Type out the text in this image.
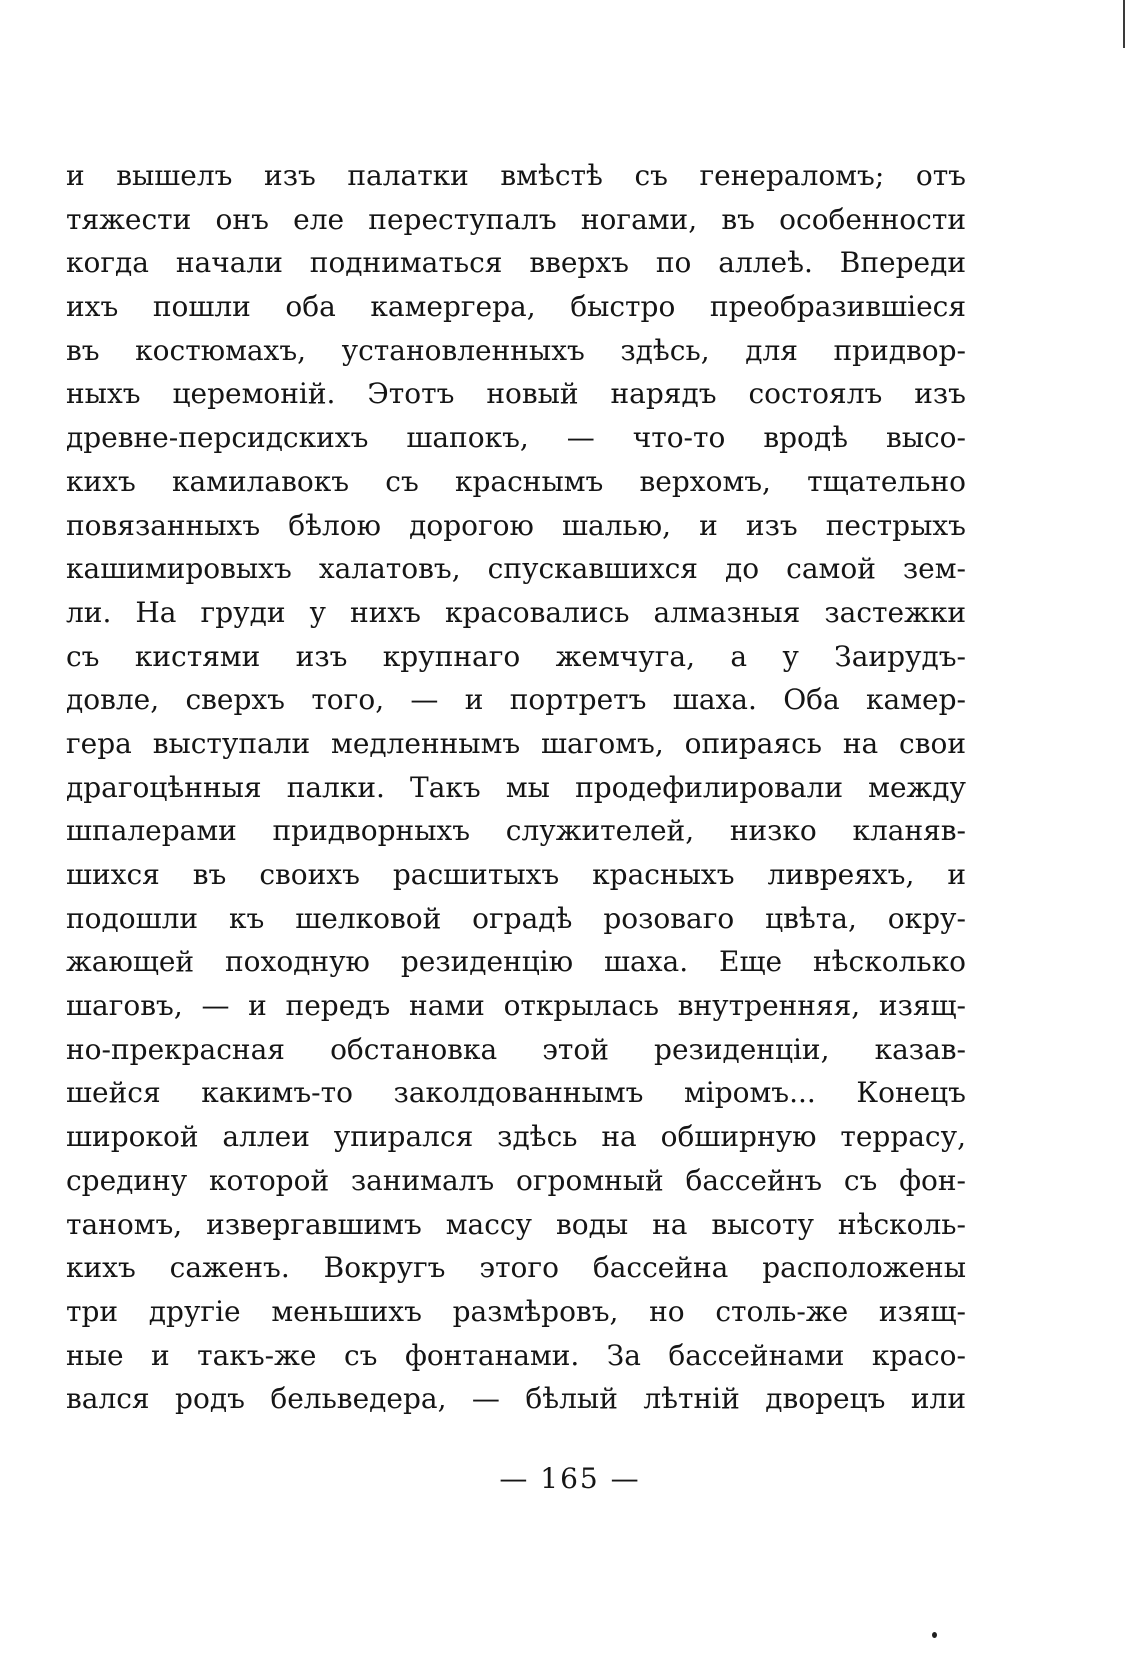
и вышелъ изъ палатки вмѣстѣ съ генераломъ; отъ
тяжести онъ еле переступалъ ногами, въ особенности
когда начали подниматься вверхъ по аллеѣ. Впереди
ихъ пошли оба камергера, быстро преобразившіеся
въ костюмахъ, установленныхъ здѣсь, для придвор-
ныхъ церемоній. Этотъ новый нарядъ состоялъ изъ
древне-персидскихъ шапокъ, — что-то вродѣ высо-
кихъ камилавокъ съ краснымъ верхомъ, тщательно
повязанныхъ бѣлою дорогою шалью, и изъ пестрыхъ
кашимировыхъ халатовъ, спускавшихся до самой зем-
ли. На груди у нихъ красовались алмазныя застежки
съ кистями изъ крупнаго жемчуга, а у Заирудъ-
довле, сверхъ того, — и портретъ шаха. Оба камер-
гера выступали медленнымъ шагомъ, опираясь на свои
драгоцѣнныя палки. Такъ мы продефилировали между
шпалерами придворныхъ служителей, низко кланяв-
шихся въ своихъ расшитыхъ красныхъ ливреяхъ, и
подошли къ шелковой оградѣ розоваго цвѣта, окру-
жающей походную резиденцію шаха. Еще нѣсколько
шаговъ, — и передъ нами открылась внутренняя, изящ-
но-прекрасная обстановка этой резиденціи, казав-
шейся какимъ-то заколдованнымъ міромъ... Конецъ
широкой аллеи упирался здѣсь на обширную террасу,
средину которой занималъ огромный бассейнъ съ фон-
таномъ, извергавшимъ массу воды на высоту нѣсколь-
кихъ саженъ. Вокругъ этого бассейна расположены
три другіе меньшихъ размѣровъ, но столь-же изящ-
ные и такъ-же съ фонтанами. За бассейнами красо-
вался родъ бельведера, — бѣлый лѣтній дворецъ или
— 165 —
